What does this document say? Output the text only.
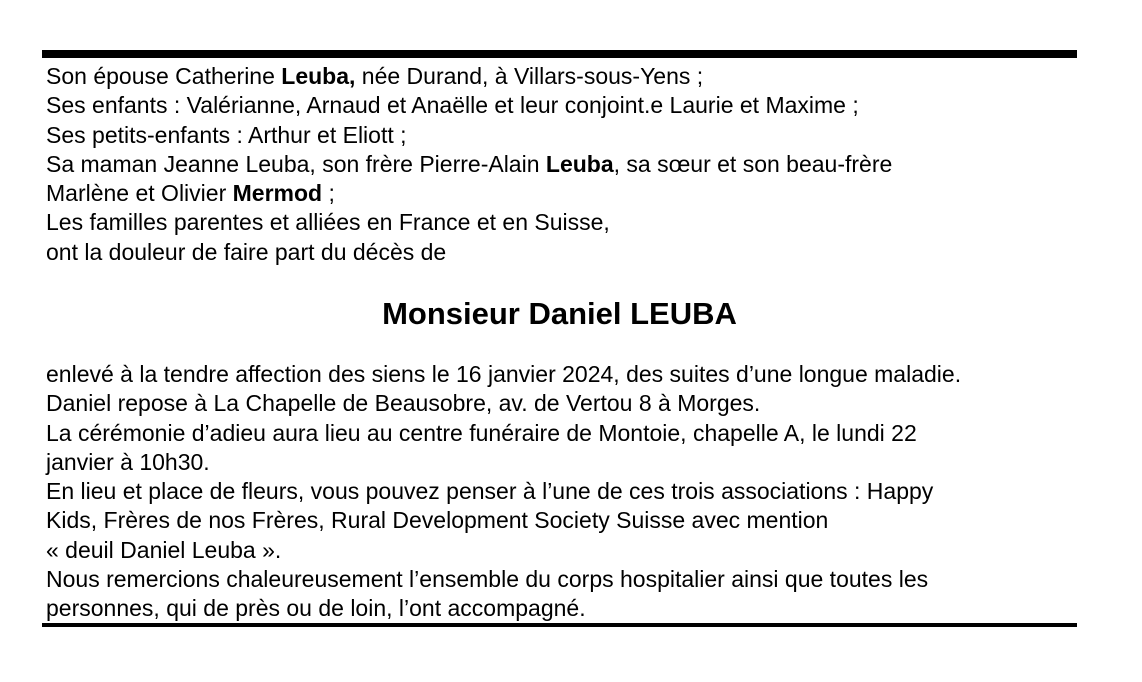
Son épouse Catherine Leuba, née Durand, à Villars-sous-Yens ;
Ses enfants : Valérianne, Arnaud et Anaëlle et leur conjoint.e Laurie et Maxime ;
Ses petits-enfants : Arthur et Eliott ;
Sa maman Jeanne Leuba, son frère Pierre-Alain Leuba, sa sœur et son beau-frère
Marlène et Olivier Mermod ;
Les familles parentes et alliées en France et en Suisse,
ont la douleur de faire part du décès de
Monsieur Daniel LEUBA
enlevé à la tendre affection des siens le 16 janvier 2024, des suites d’une longue maladie.
Daniel repose à La Chapelle de Beausobre, av. de Vertou 8 à Morges.
La cérémonie d’adieu aura lieu au centre funéraire de Montoie, chapelle A, le lundi 22
janvier à 10h30.
En lieu et place de fleurs, vous pouvez penser à l’une de ces trois associations : Happy
Kids, Frères de nos Frères, Rural Development Society Suisse avec mention
« deuil Daniel Leuba ».
Nous remercions chaleureusement l’ensemble du corps hospitalier ainsi que toutes les
personnes, qui de près ou de loin, l’ont accompagné.
